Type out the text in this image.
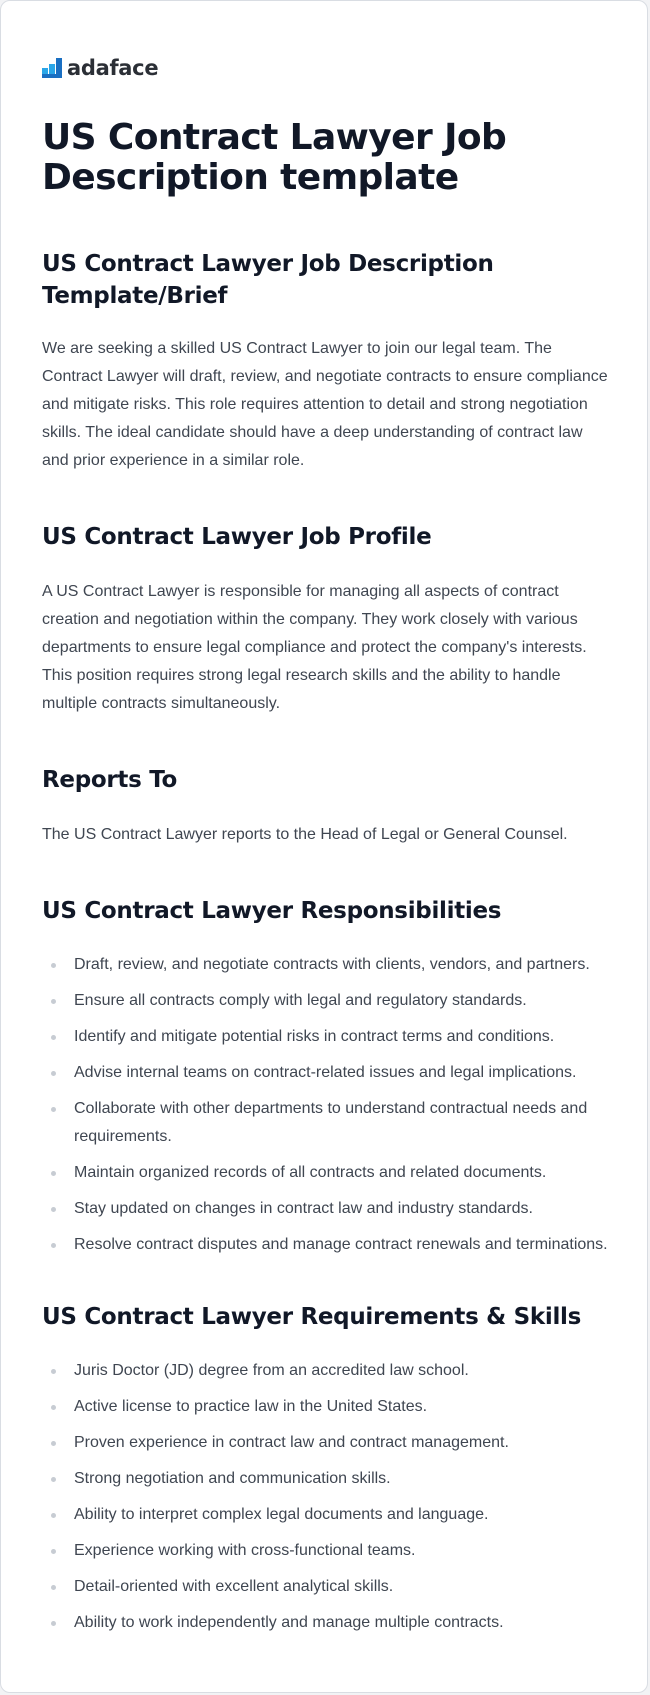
adaface
US Contract Lawyer Job Description template
US Contract Lawyer Job Description Template/Brief

We are seeking a skilled US Contract Lawyer to join our legal team. The Contract Lawyer will draft, review, and negotiate contracts to ensure compliance and mitigate risks. This role requires attention to detail and strong negotiation skills. The ideal candidate should have a deep understanding of contract law and prior experience in a similar role.

US Contract Lawyer Job Profile

A US Contract Lawyer is responsible for managing all aspects of contract creation and negotiation within the company. They work closely with various departments to ensure legal compliance and protect the company's interests. This position requires strong legal research skills and the ability to handle multiple contracts simultaneously.

Reports To

The US Contract Lawyer reports to the Head of Legal or General Counsel.

US Contract Lawyer Responsibilities
Draft, review, and negotiate contracts with clients, vendors, and partners.
Ensure all contracts comply with legal and regulatory standards.
Identify and mitigate potential risks in contract terms and conditions.
Advise internal teams on contract-related issues and legal implications.
Collaborate with other departments to understand contractual needs and requirements.
Maintain organized records of all contracts and related documents.
Stay updated on changes in contract law and industry standards.
Resolve contract disputes and manage contract renewals and terminations.
US Contract Lawyer Requirements & Skills
Juris Doctor (JD) degree from an accredited law school.
Active license to practice law in the United States.
Proven experience in contract law and contract management.
Strong negotiation and communication skills.
Ability to interpret complex legal documents and language.
Experience working with cross-functional teams.
Detail-oriented with excellent analytical skills.
Ability to work independently and manage multiple contracts.
